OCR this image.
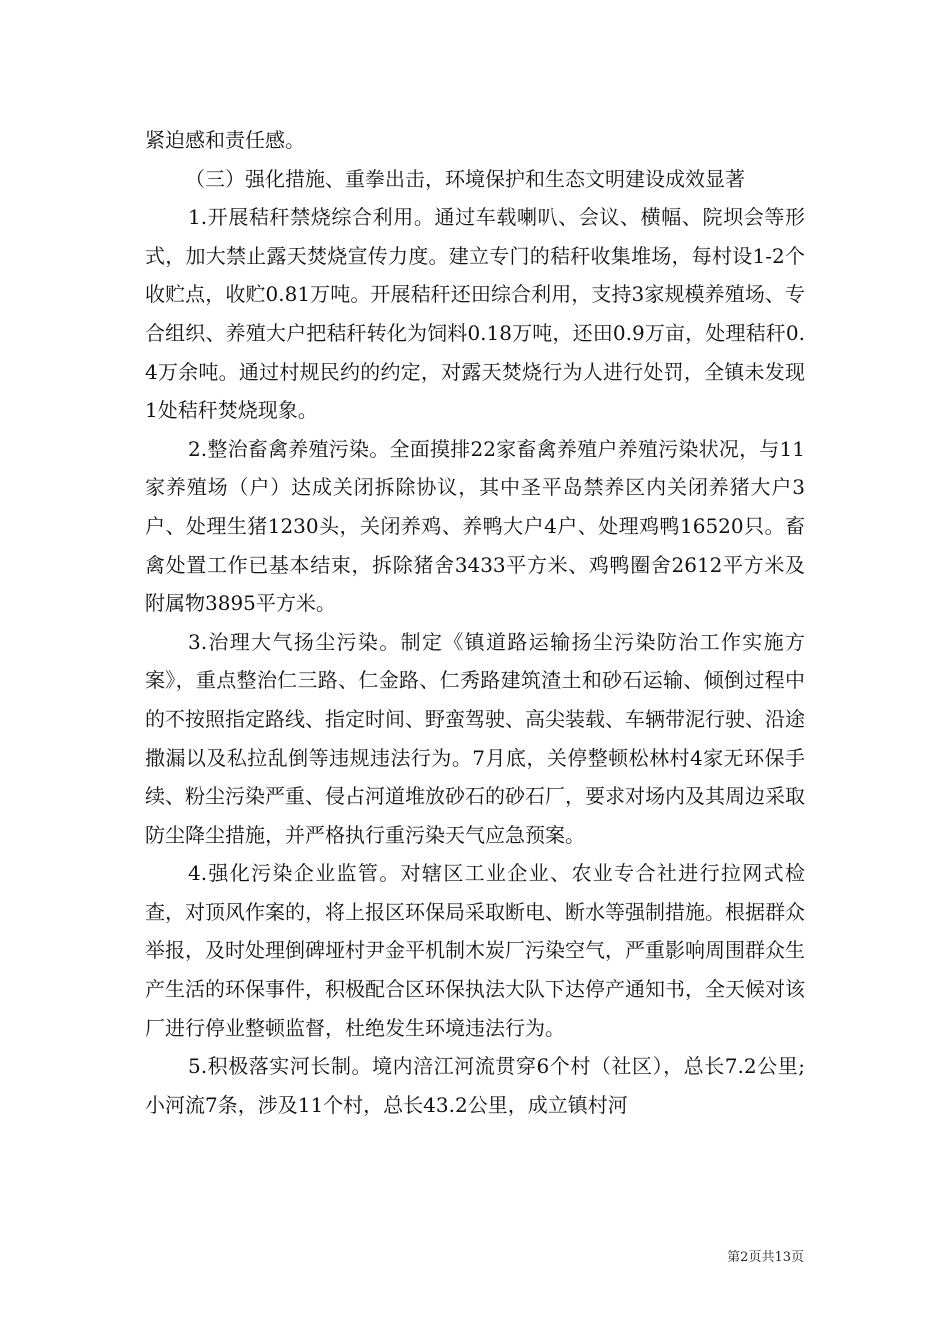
紧迫感和责任感。

（三）强化措施、重拳出击，环境保护和生态文明建设成效显著

1.开展秸秆禁烧综合利用。通过车载喇叭、会议、横幅、院坝会等形式，加大禁止露天焚烧宣传力度。建立专门的秸秆收集堆场，每村设1-2个收贮点，收贮0.81万吨。开展秸秆还田综合利用，支持3家规模养殖场、专合组织、养殖大户把秸秆转化为饲料0.18万吨，还田0.9万亩，处理秸秆0.4万余吨。通过村规民约的约定，对露天焚烧行为人进行处罚，全镇未发现1处秸秆焚烧现象。

2.整治畜禽养殖污染。全面摸排22家畜禽养殖户养殖污染状况，与11家养殖场（户）达成关闭拆除协议，其中圣平岛禁养区内关闭养猪大户3户、处理生猪1230头，关闭养鸡、养鸭大户4户、处理鸡鸭16520只。畜禽处置工作已基本结束，拆除猪舍3433平方米、鸡鸭圈舍2612平方米及附属物3895平方米。

3.治理大气扬尘污染。制定《镇道路运输扬尘污染防治工作实施方案》，重点整治仁三路、仁金路、仁秀路建筑渣土和砂石运输、倾倒过程中的不按照指定路线、指定时间、野蛮驾驶、高尖装载、车辆带泥行驶、沿途撒漏以及私拉乱倒等违规违法行为。7月底，关停整顿松林村4家无环保手续、粉尘污染严重、侵占河道堆放砂石的砂石厂，要求对场内及其周边采取防尘降尘措施，并严格执行重污染天气应急预案。

4.强化污染企业监管。对辖区工业企业、农业专合社进行拉网式检查，对顶风作案的，将上报区环保局采取断电、断水等强制措施。根据群众举报，及时处理倒碑垭村尹金平机制木炭厂污染空气，严重影响周围群众生产生活的环保事件，积极配合区环保执法大队下达停产通知书，全天候对该厂进行停业整顿监督，杜绝发生环境违法行为。

5.积极落实河长制。境内涪江河流贯穿6个村（社区），总长7.2公里;小河流7条，涉及11个村，总长43.2公里，成立镇村河

第2页共13页
